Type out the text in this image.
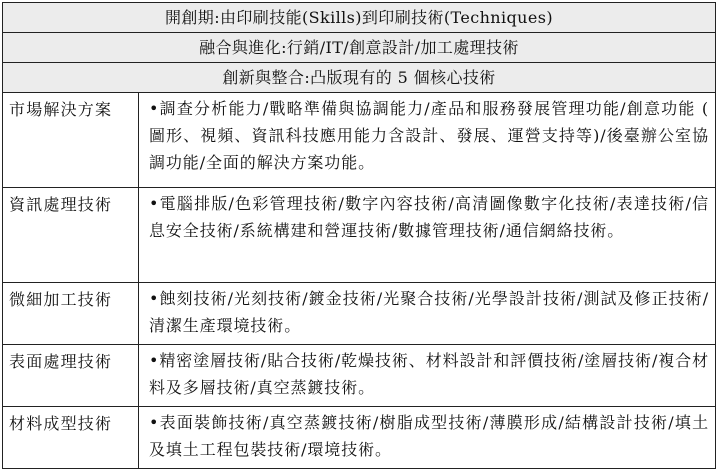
開創期:由印刷技能(Skills)到印刷技術(Techniques)	
融合與進化:行銷/IT/創意設計/加工處理技術	
創新與整合:凸版現有的 5 個核心技術	
市場解決方案	•調查分析能力/戰略準備與協調能力/產品和服務發展管理功能/創意功能 ( 圖形、視頻、資訊科技應用能力含設計、發展、運營支持等)/後臺辦公室協調功能/全面的解決方案功能。
資訊處理技術	•電腦排版/色彩管理技術/數字內容技術/高清圖像數字化技術/表達技術/信息安全技術/系統構建和營運技術/數據管理技術/通信網絡技術。
微細加工技術	•蝕刻技術/光刻技術/鍍金技術/光聚合技術/光學設計技術/測試及修正技術/清潔生產環境技術。
表面處理技術	•精密塗層技術/貼合技術/乾燥技術、材料設計和評價技術/塗層技術/複合材料及多層技術/真空蒸鍍技術。
材料成型技術	•表面裝飾技術/真空蒸鍍技術/樹脂成型技術/薄膜形成/結構設計技術/填土及填土工程包裝技術/環境技術。
